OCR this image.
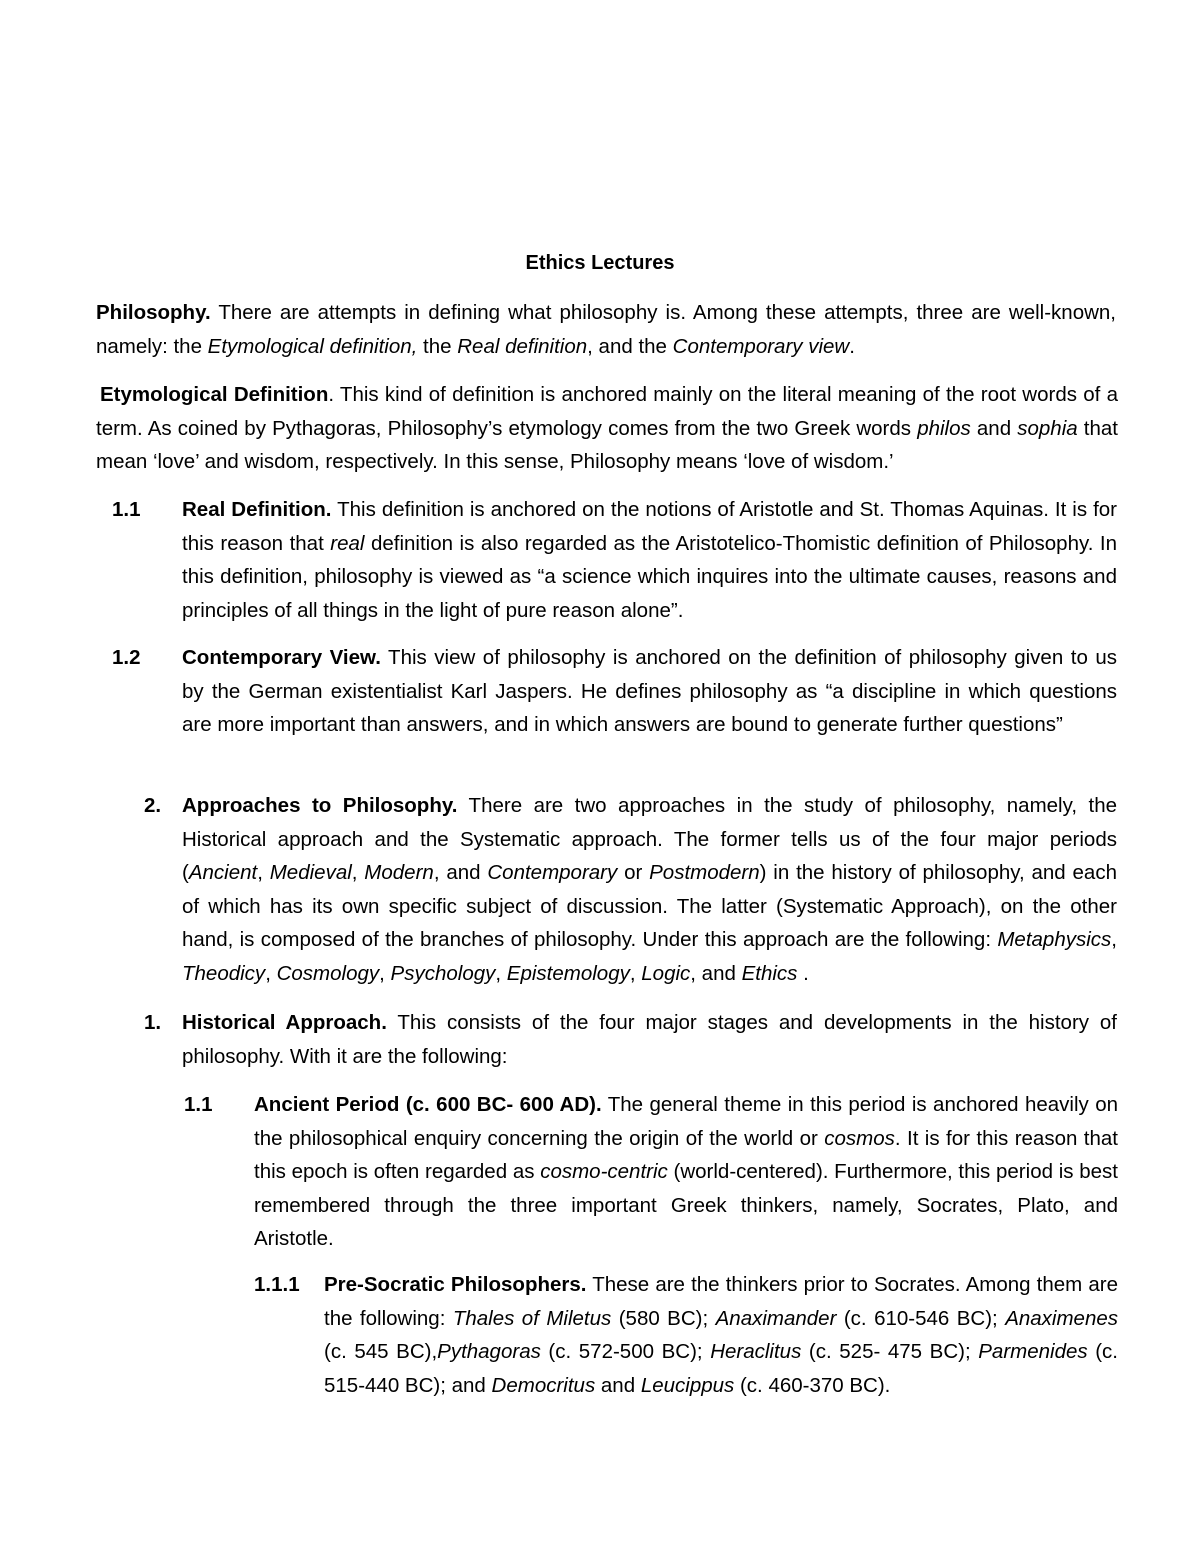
Ethics Lectures
Philosophy. There are attempts in defining what philosophy is. Among these attempts, three are well-known, namely: the Etymological definition, the Real definition, and the Contemporary view.
Etymological Definition. This kind of definition is anchored mainly on the literal meaning of the root words of a term. As coined by Pythagoras, Philosophy’s etymology comes from the two Greek words philos and sophia that mean ‘love’ and wisdom, respectively. In this sense, Philosophy means ‘love of wisdom.’
1.1 Real Definition. This definition is anchored on the notions of Aristotle and St. Thomas Aquinas. It is for this reason that real definition is also regarded as the Aristotelico-Thomistic definition of Philosophy. In this definition, philosophy is viewed as “a science which inquires into the ultimate causes, reasons and principles of all things in the light of pure reason alone”.
1.2 Contemporary View. This view of philosophy is anchored on the definition of philosophy given to us by the German existentialist Karl Jaspers. He defines philosophy as “a discipline in which questions are more important than answers, and in which answers are bound to generate further questions”
2. Approaches to Philosophy. There are two approaches in the study of philosophy, namely, the Historical approach and the Systematic approach. The former tells us of the four major periods (Ancient, Medieval, Modern, and Contemporary or Postmodern) in the history of philosophy, and each of which has its own specific subject of discussion. The latter (Systematic Approach), on the other hand, is composed of the branches of philosophy. Under this approach are the following: Metaphysics, Theodicy, Cosmology, Psychology, Epistemology, Logic, and Ethics .
1. Historical Approach. This consists of the four major stages and developments in the history of philosophy. With it are the following:
1.1 Ancient Period (c. 600 BC- 600 AD). The general theme in this period is anchored heavily on the philosophical enquiry concerning the origin of the world or cosmos. It is for this reason that this epoch is often regarded as cosmo-centric (world-centered). Furthermore, this period is best remembered through the three important Greek thinkers, namely, Socrates, Plato, and Aristotle.
1.1.1 Pre-Socratic Philosophers. These are the thinkers prior to Socrates. Among them are the following: Thales of Miletus (580 BC); Anaximander (c. 610-546 BC); Anaximenes (c. 545 BC),Pythagoras (c. 572-500 BC); Heraclitus (c. 525- 475 BC); Parmenides (c. 515-440 BC); and Democritus and Leucippus (c. 460-370 BC).
